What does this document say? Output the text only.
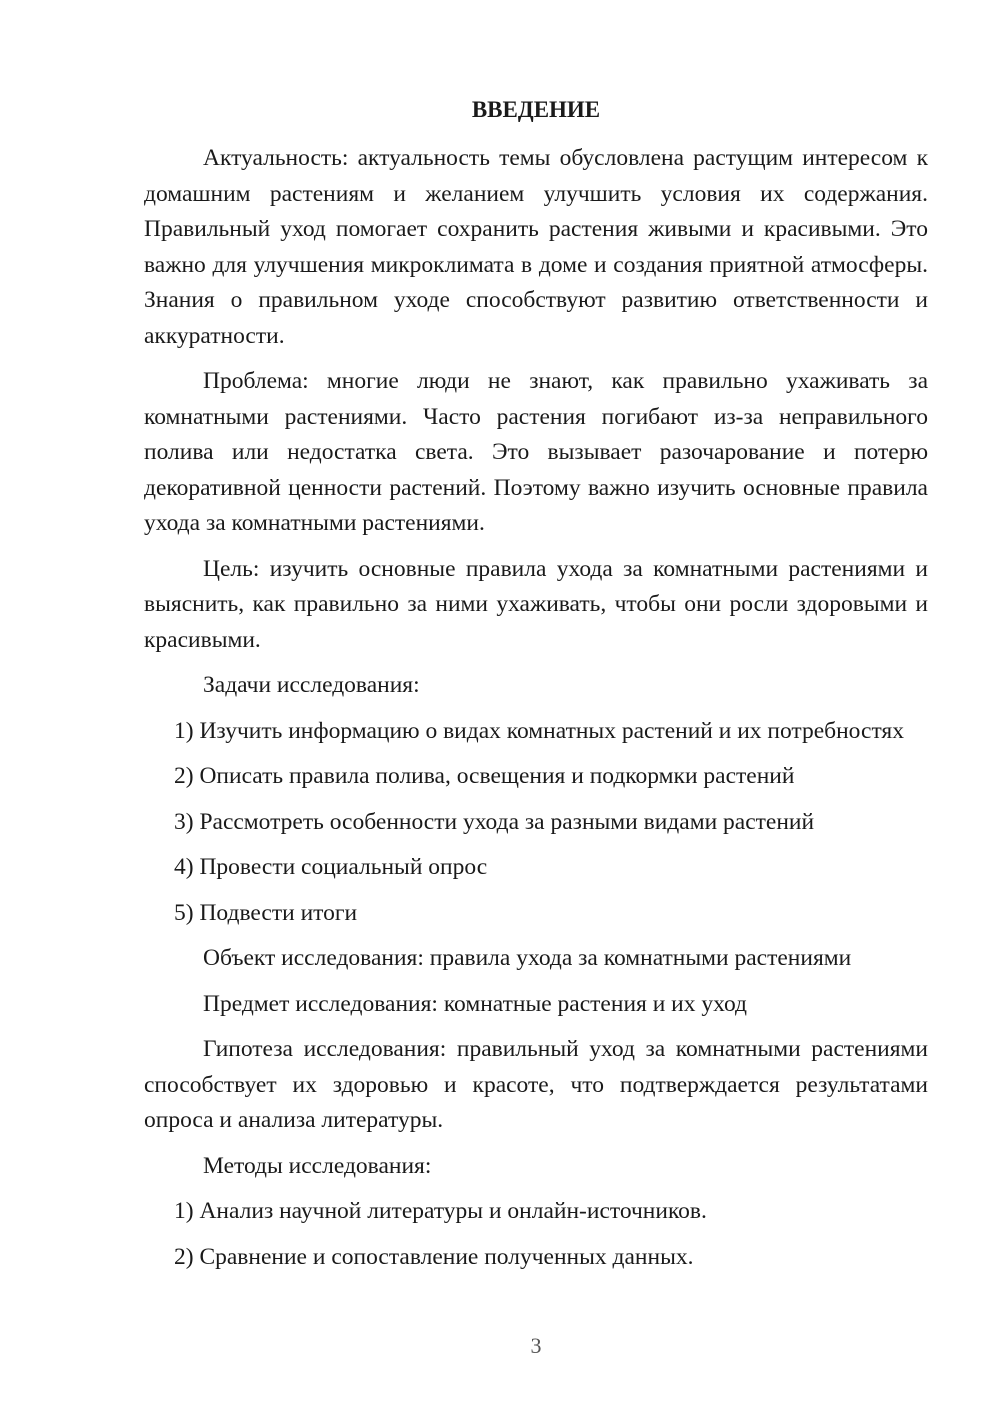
ВВЕДЕНИЕ

Актуальность: актуальность темы обусловлена растущим интересом к домашним растениям и желанием улучшить условия их содержания. Правильный уход помогает сохранить растения живыми и красивыми. Это важно для улучшения микроклимата в доме и создания приятной атмосферы. Знания о правильном уходе способствуют развитию ответственности и аккуратности.

Проблема: многие люди не знают, как правильно ухаживать за комнатными растениями. Часто растения погибают из-за неправильного полива или недостатка света. Это вызывает разочарование и потерю декоративной ценности растений. Поэтому важно изучить основные правила ухода за комнатными растениями.

Цель: изучить основные правила ухода за комнатными растениями и выяснить, как правильно за ними ухаживать, чтобы они росли здоровыми и красивыми.

Задачи исследования:

1) Изучить информацию о видах комнатных растений и их потребностях

2) Описать правила полива, освещения и подкормки растений

3) Рассмотреть особенности ухода за разными видами растений

4) Провести социальный опрос

5) Подвести итоги

Объект исследования: правила ухода за комнатными растениями

Предмет исследования: комнатные растения и их уход

Гипотеза исследования: правильный уход за комнатными растениями способствует их здоровью и красоте, что подтверждается результатами опроса и анализа литературы.

Методы исследования:

1) Анализ научной литературы и онлайн-источников.

2) Сравнение и сопоставление полученных данных.

3
